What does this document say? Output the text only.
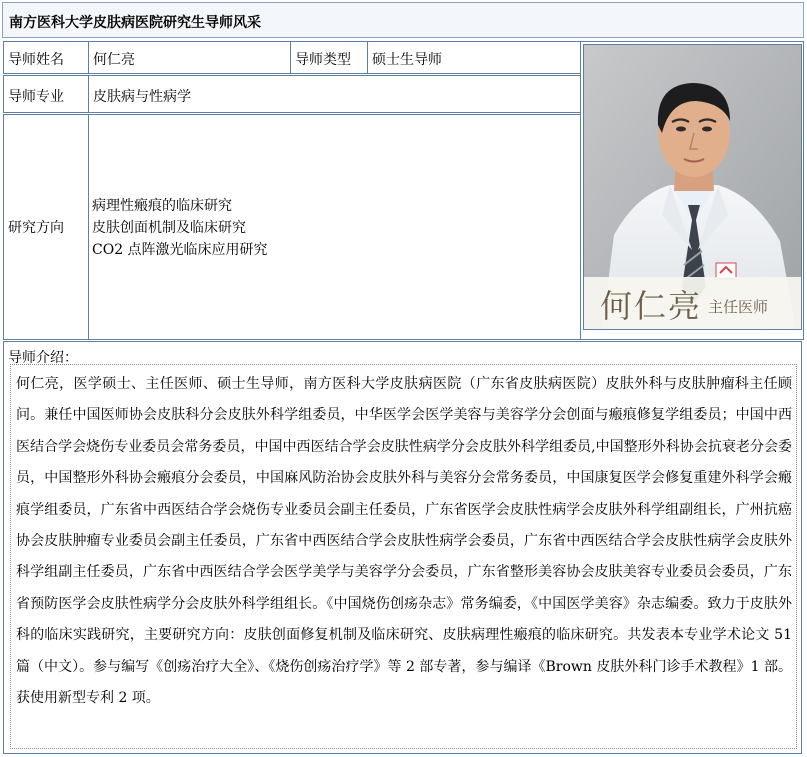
南方医科大学皮肤病医院研究生导师风采
导师姓名 何仁亮	导师类型 硕士生导师
导师专业 皮肤病与性病学
研究方向
病理性瘢痕的临床研究
皮肤创面机制及临床研究
CO2 点阵激光临床应用研究
何仁亮 主任医师
导师介绍：

何仁亮，医学硕士、主任医师、硕士生导师，南方医科大学皮肤病医院（广东省皮肤病医院）皮肤外科与皮肤肿瘤科主任顾问。兼任中国医师协会皮肤科分会皮肤外科学组委员，中华医学会医学美容与美容学分会创面与瘢痕修复学组委员；中国中西医结合学会烧伤专业委员会常务委员，中国中西医结合学会皮肤性病学分会皮肤外科学组委员,中国整形外科协会抗衰老分会委员，中国整形外科协会瘢痕分会委员，中国麻风防治协会皮肤外科与美容分会常务委员，中国康复医学会修复重建外科学会瘢痕学组委员，广东省中西医结合学会烧伤专业委员会副主任委员，广东省医学会皮肤性病学会皮肤外科学组副组长，广州抗癌协会皮肤肿瘤专业委员会副主任委员，广东省中西医结合学会皮肤性病学会委员，广东省中西医结合学会皮肤性病学会皮肤外科学组副主任委员，广东省中西医结合学会医学美学与美容学分会委员，广东省整形美容协会皮肤美容专业委员会委员，广东省预防医学会皮肤性病学分会皮肤外科学组组长。《中国烧伤创疡杂志》常务编委，《中国医学美容》杂志编委。致力于皮肤外科的临床实践研究，主要研究方向：皮肤创面修复机制及临床研究、皮肤病理性瘢痕的临床研究。共发表本专业学术论文 51 篇（中文）。参与编写《创疡治疗大全》、《烧伤创疡治疗学》等 2 部专著，参与编译《Brown 皮肤外科门诊手术教程》1 部。获使用新型专利 2 项。
